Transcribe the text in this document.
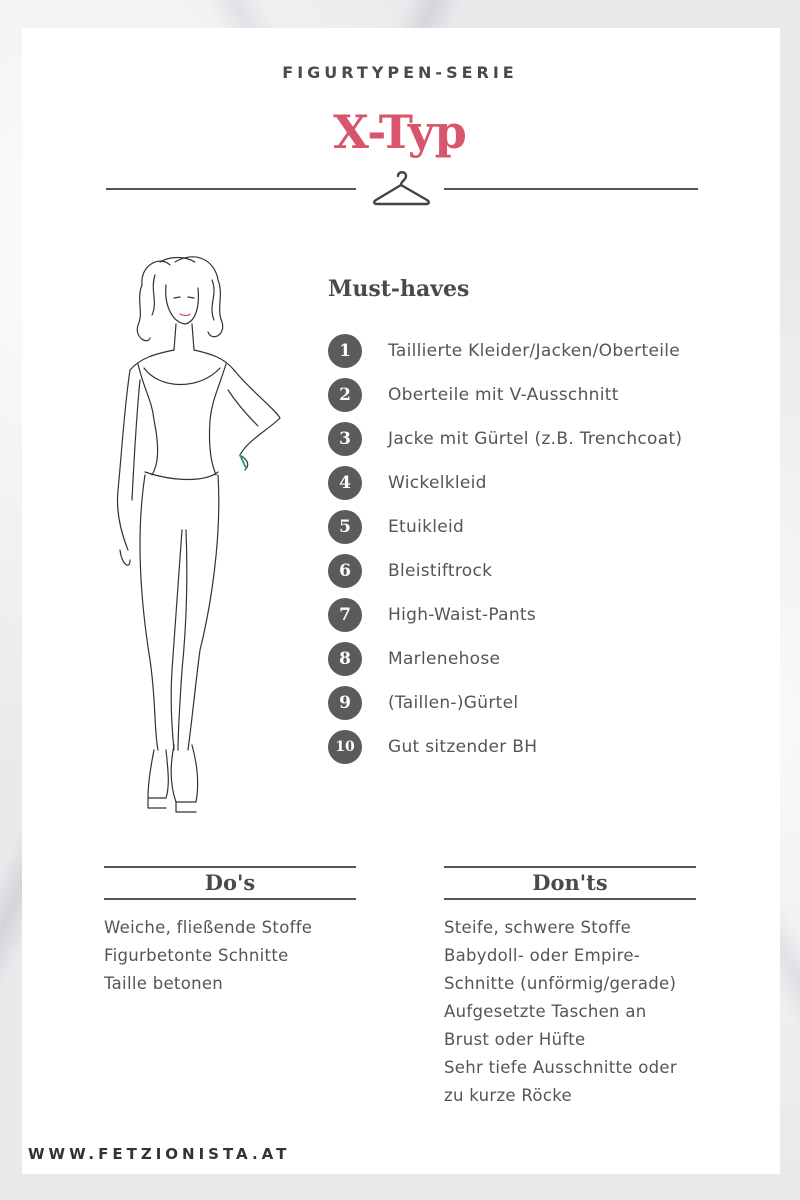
FIGURTYPEN-SERIE
X-Typ
Must-haves
1	Taillierte Kleider/Jacken/Oberteile
2	Oberteile mit V-Ausschnitt
3	Jacke mit Gürtel (z.B. Trenchcoat)
4	Wickelkleid
5	Etuikleid
6	Bleistiftrock
7	High-Waist-Pants
8	Marlenehose
9	(Taillen-)Gürtel
10	Gut sitzender BH
Do's
Weiche, fließende Stoffe
Figurbetonte Schnitte
Taille betonen
Don'ts
Steife, schwere Stoffe
Babydoll- oder Empire-
Schnitte (unförmig/gerade)
Aufgesetzte Taschen an
Brust oder Hüfte
Sehr tiefe Ausschnitte oder
zu kurze Röcke
WWW.FETZIONISTA.AT
